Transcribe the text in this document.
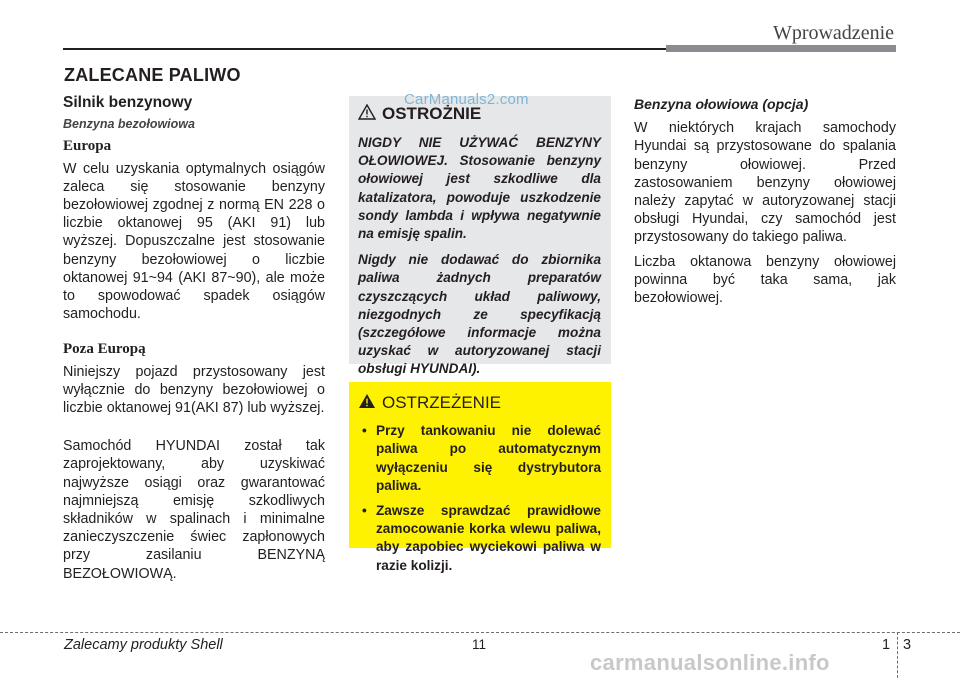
Wprowadzenie
ZALECANE PALIWO
Silnik benzynowy
Benzyna bezołowiowa
Europa

W celu uzyskania optymalnych osiągów zaleca się stosowanie benzyny bezołowiowej zgodnej z normą EN 228 o liczbie oktanowej 95 (AKI 91) lub wyższej. Dopuszczalne jest stosowanie benzyny bezołowiowej o liczbie oktanowej 91~94 (AKI 87~90), ale może to spowodować spadek osiągów samochodu.

Poza Europą

Niniejszy pojazd przystosowany jest wyłącznie do benzyny bezołowiowej o liczbie oktanowej 91(AKI 87) lub wyższej.

Samochód HYUNDAI został tak zaprojektowany, aby uzyskiwać najwyższe osiągi oraz gwarantować najmniejszą emisję szkodliwych składników w spalinach i minimalne zanieczyszczenie świec zapłonowych przy zasilaniu BENZYNĄ BEZOŁOWIOWĄ.

OSTROŻNIE

NIGDY NIE UŻYWAĆ BENZYNY OŁOWIOWEJ. Stosowanie benzyny ołowiowej jest szkodliwe dla katalizatora, powoduje uszkodzenie sondy lambda i wpływa negatywnie na emisję spalin.

Nigdy nie dodawać do zbiornika paliwa żadnych preparatów czyszczących układ paliwowy, niezgodnych ze specyfikacją (szczegółowe informacje można uzyskać w autoryzowanej stacji obsługi HYUNDAI).

CarManuals2.com
OSTRZEŻENIE
• Przy tankowaniu nie dolewać paliwa po automatycznym wyłączeniu się dystrybutora paliwa.
• Zawsze sprawdzać prawidłowe zamocowanie korka wlewu paliwa, aby zapobiec wyciekowi paliwa w razie kolizji.
Benzyna ołowiowa (opcja)

W niektórych krajach samochody Hyundai są przystosowane do spalania benzyny ołowiowej. Przed zastosowaniem benzyny ołowiowej należy zapytać w autoryzowanej stacji obsługi Hyundai, czy samochód jest przystosowany do takiego paliwa.

Liczba oktanowa benzyny ołowiowej powinna być taka sama, jak bezołowiowej.

Zalecamy produkty Shell	11	1 3
carmanualsonline.info
